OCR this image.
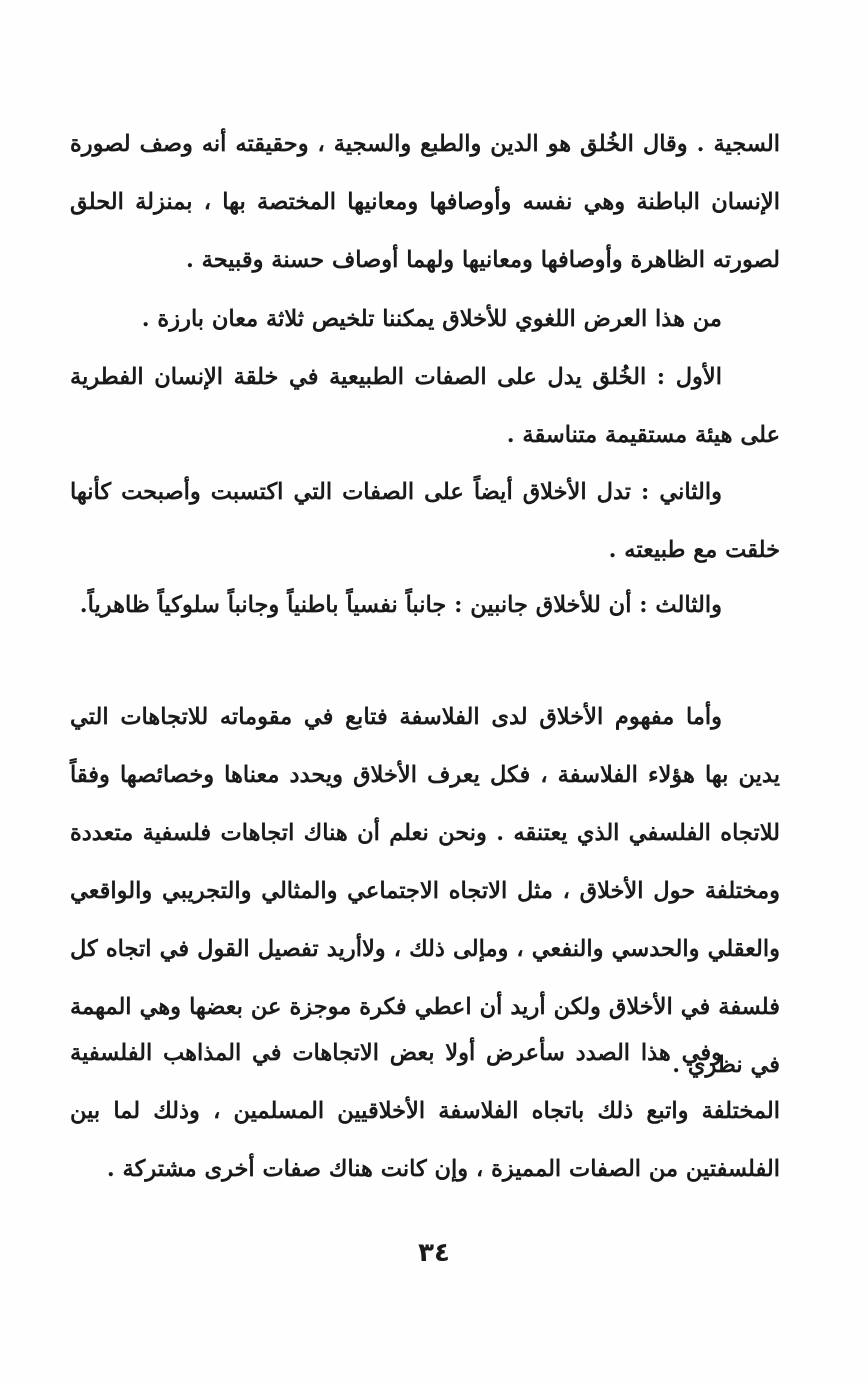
السجية . وقال الخُلق هو الدين والطبع والسجية ، وحقيقته أنه وصف لصورة الإنسان الباطنة وهي نفسه وأوصافها ومعانيها المختصة بها ، بمنزلة الحلق لصورته الظاهرة وأوصافها ومعانيها ولهما أوصاف حسنة وقبيحة .

من هذا العرض اللغوي للأخلاق يمكننا تلخيص ثلاثة معان بارزة .

الأول : الخُلق يدل على الصفات الطبيعية في خلقة الإنسان الفطرية على هيئة مستقيمة متناسقة .

والثاني : تدل الأخلاق أيضاً على الصفات التي اكتسبت وأصبحت كأنها خلقت مع طبيعته .

والثالث : أن للأخلاق جانبين : جانباً نفسياً باطنياً وجانباً سلوكياً ظاهرياً.

وأما مفهوم الأخلاق لدى الفلاسفة فتابع في مقوماته للاتجاهات التي يدين بها هؤلاء الفلاسفة ، فكل يعرف الأخلاق ويحدد معناها وخصائصها وفقاً للاتجاه الفلسفي الذي يعتنقه . ونحن نعلم أن هناك اتجاهات فلسفية متعددة ومختلفة حول الأخلاق ، مثل الاتجاه الاجتماعي والمثالي والتجريبي والواقعي والعقلي والحدسي والنفعي ، ومإلى ذلك ، ولاأريد تفصيل القول في اتجاه كل فلسفة في الأخلاق ولكن أريد أن اعطي فكرة موجزة عن بعضها وهي المهمة في نظري .

وفي هذا الصدد سأعرض أولا بعض الاتجاهات في المذاهب الفلسفية المختلفة واتبع ذلك باتجاه الفلاسفة الأخلاقيين المسلمين ، وذلك لما بين الفلسفتين من الصفات المميزة ، وإن كانت هناك صفات أخرى مشتركة .

٣٤
